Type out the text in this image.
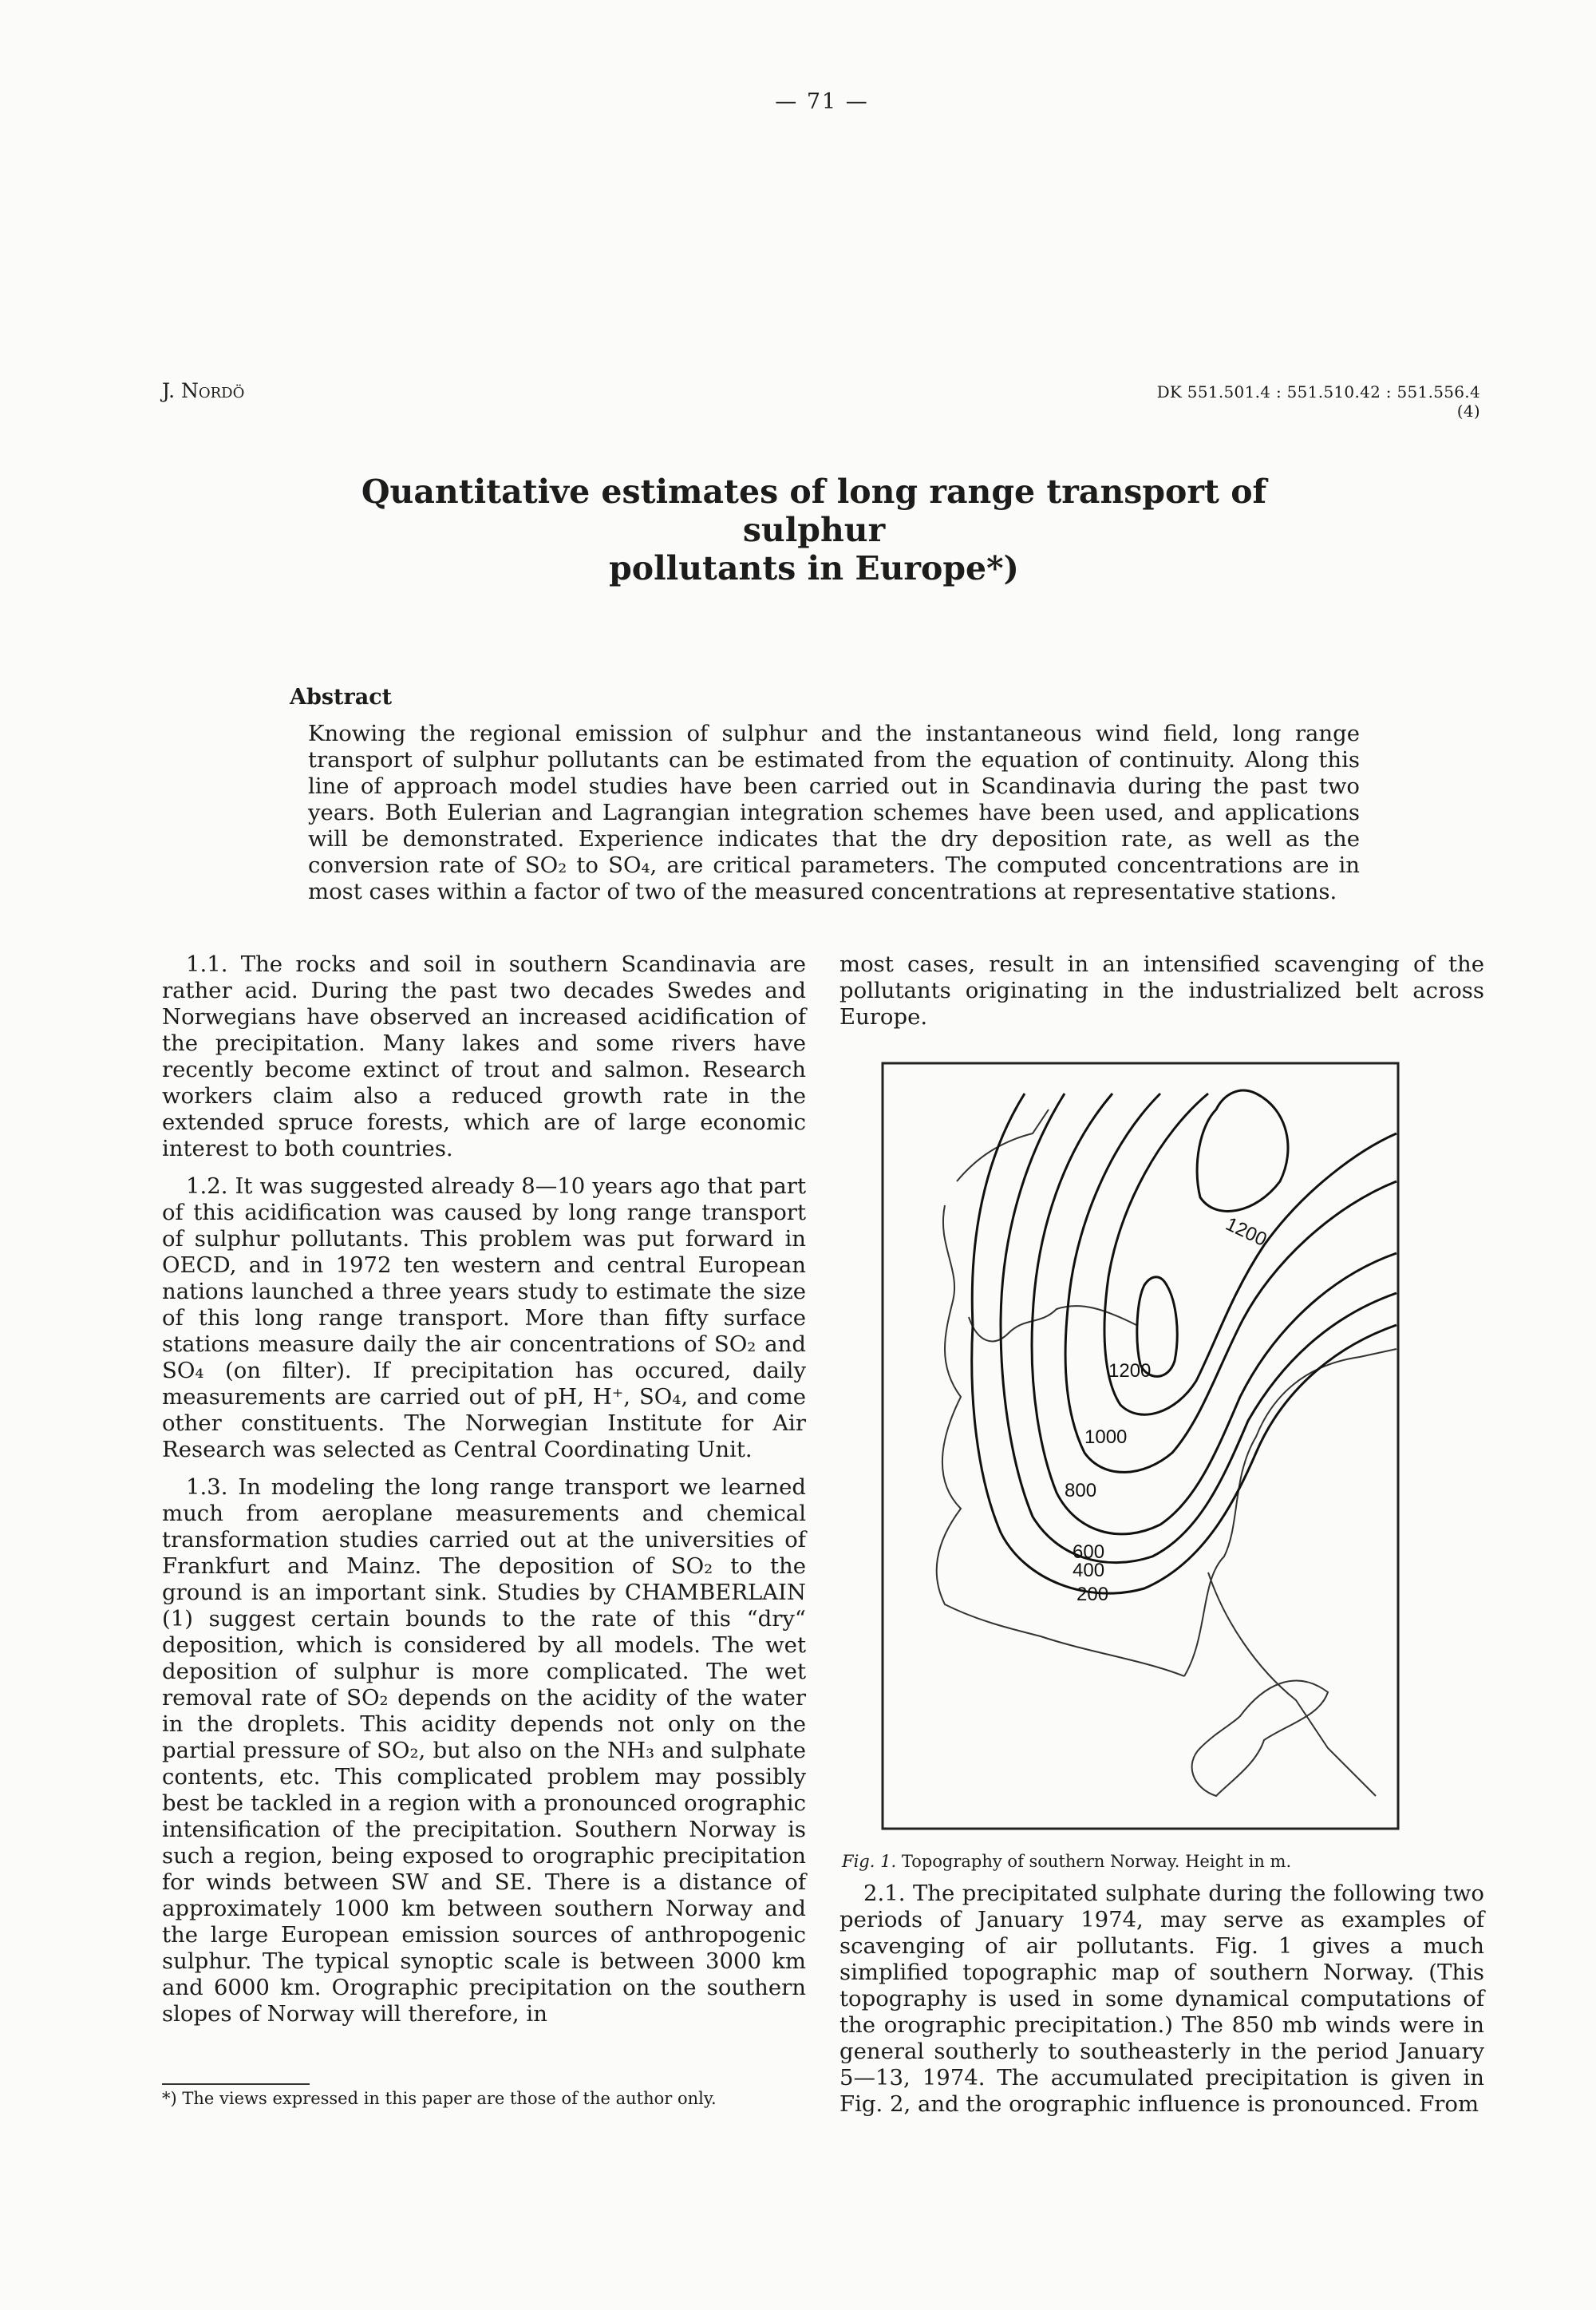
— 71 —
J. Nordö	DK 551.501.4 : 551.510.42 : 551.556.4 (4)
Quantitative estimates of long range transport of sulphur
pollutants in Europe*)
Abstract

Knowing the regional emission of sulphur and the instantaneous wind field, long range transport of sulphur pollutants can be estimated from the equation of continuity. Along this line of approach model studies have been carried out in Scandinavia during the past two years. Both Eulerian and Lagrangian integration schemes have been used, and applications will be demonstrated. Experience indicates that the dry deposition rate, as well as the conversion rate of SO₂ to SO₄, are critical parameters. The computed concentrations are in most cases within a factor of two of the measured concentrations at representative stations.

1.1. The rocks and soil in southern Scandinavia are rather acid. During the past two decades Swedes and Norwegians have observed an increased acidification of the precipitation. Many lakes and some rivers have recently become extinct of trout and salmon. Research workers claim also a reduced growth rate in the extended spruce forests, which are of large economic interest to both countries.

1.2. It was suggested already 8—10 years ago that part of this acidification was caused by long range transport of sulphur pollutants. This problem was put forward in OECD, and in 1972 ten western and central European nations launched a three years study to estimate the size of this long range transport. More than fifty surface stations measure daily the air concentrations of SO₂ and SO₄ (on filter). If precipitation has occured, daily measurements are carried out of pH, H⁺, SO₄, and come other constituents. The Norwegian Institute for Air Research was selected as Central Coordinating Unit.

1.3. In modeling the long range transport we learned much from aeroplane measurements and chemical transformation studies carried out at the universities of Frankfurt and Mainz. The deposition of SO₂ to the ground is an important sink. Studies by CHAMBERLAIN (1) suggest certain bounds to the rate of this “dry“ deposition, which is considered by all models. The wet deposition of sulphur is more complicated. The wet removal rate of SO₂ depends on the acidity of the water in the droplets. This acidity depends not only on the partial pressure of SO₂, but also on the NH₃ and sulphate contents, etc. This complicated problem may possibly best be tackled in a region with a pronounced orographic intensification of the precipitation. Southern Norway is such a region, being exposed to orographic precipitation for winds between SW and SE. There is a distance of approximately 1000 km between southern Norway and the large European emission sources of anthropogenic sulphur. The typical synoptic scale is between 3000 km and 6000 km. Orographic precipitation on the southern slopes of Norway will therefore, in

most cases, result in an intensified scavenging of the pollutants originating in the industrialized belt across Europe.

1200
1200
1000
800
600
400
200
Fig. 1. Topography of southern Norway. Height in m.

2.1. The precipitated sulphate during the following two periods of January 1974, may serve as examples of scavenging of air pollutants. Fig. 1 gives a much simplified topographic map of southern Norway. (This topography is used in some dynamical computations of the orographic precipitation.) The 850 mb winds were in general southerly to southeasterly in the period January 5—13, 1974. The accumulated precipitation is given in Fig. 2, and the orographic influence is pronounced. From

*) The views expressed in this paper are those of the author only.
